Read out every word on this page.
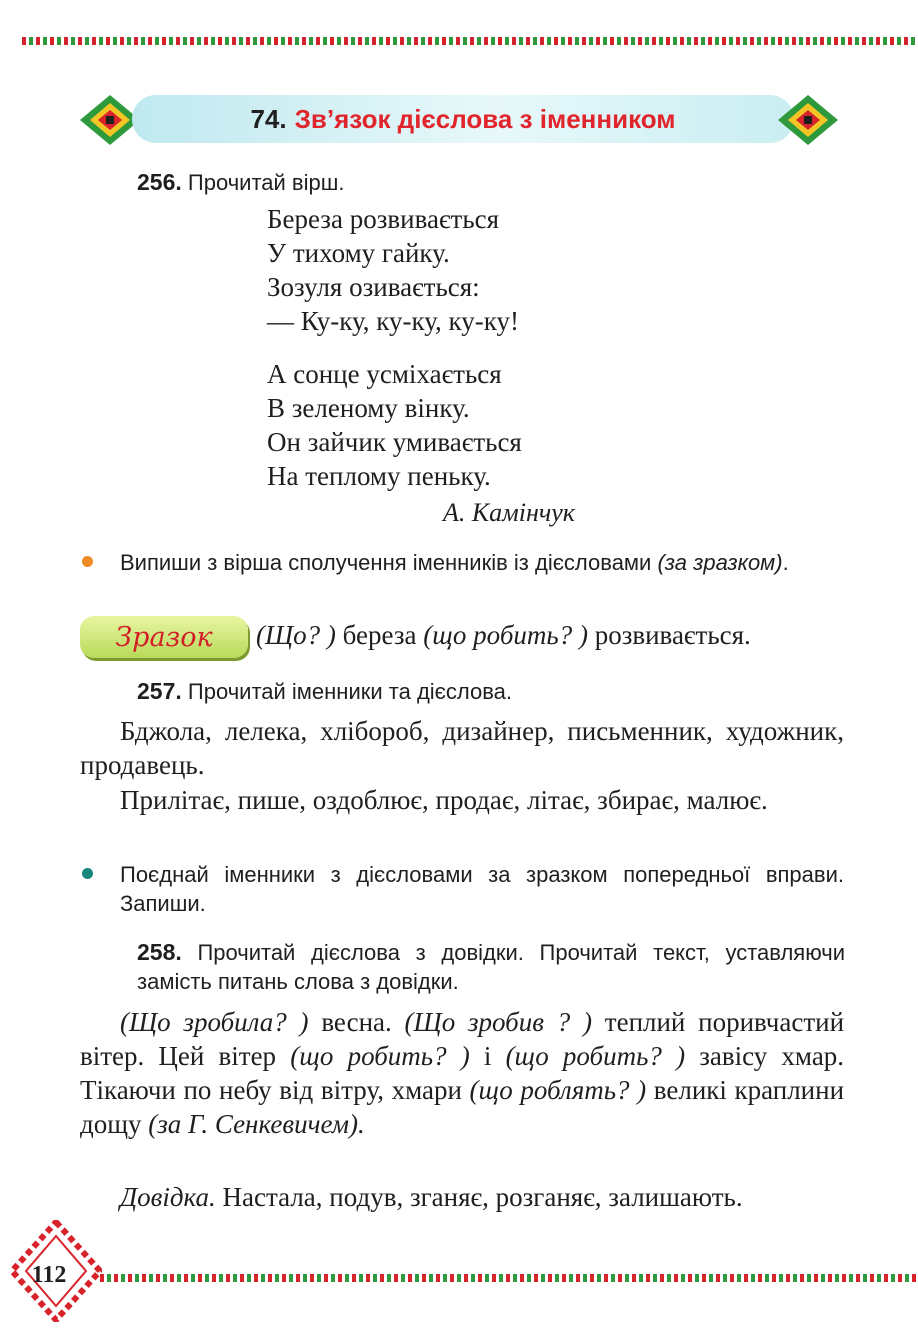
74. Зв’язок дієслова з іменником
256. Прочитай вірш.
Береза розвивається
У тихому гайку.
Зозуля озивається:
— Ку-ку, ку-ку, ку-ку!
А сонце усміхається
В зеленому вінку.
Он зайчик умивається
На теплому пеньку.
А. Камінчук
Випиши з вірша сполучення іменників із дієсловами (за зразком).
Зразок (Що? ) береза (що робить? ) розвивається.
257. Прочитай іменники та дієслова.
Бджола, лелека, хлібороб, дизайнер, письменник, художник, продавець.
Прилітає, пише, оздоблює, продає, літає, збирає, малює.
Поєднай іменники з дієсловами за зразком попередньої вправи. Запиши.
258. Прочитай дієслова з довідки. Прочитай текст, уставляючи замість питань слова з довідки.
(Що зробила? ) весна. (Що зробив ? ) теплий поривчастий вітер. Цей вітер (що робить? ) і (що робить? ) завісу хмар. Тікаючи по небу від вітру, хмари (що роблять? ) великі краплини дощу (за Г. Сенкевичем).
Довідка. Настала, подув, зганяє, розганяє, залишають.
112
